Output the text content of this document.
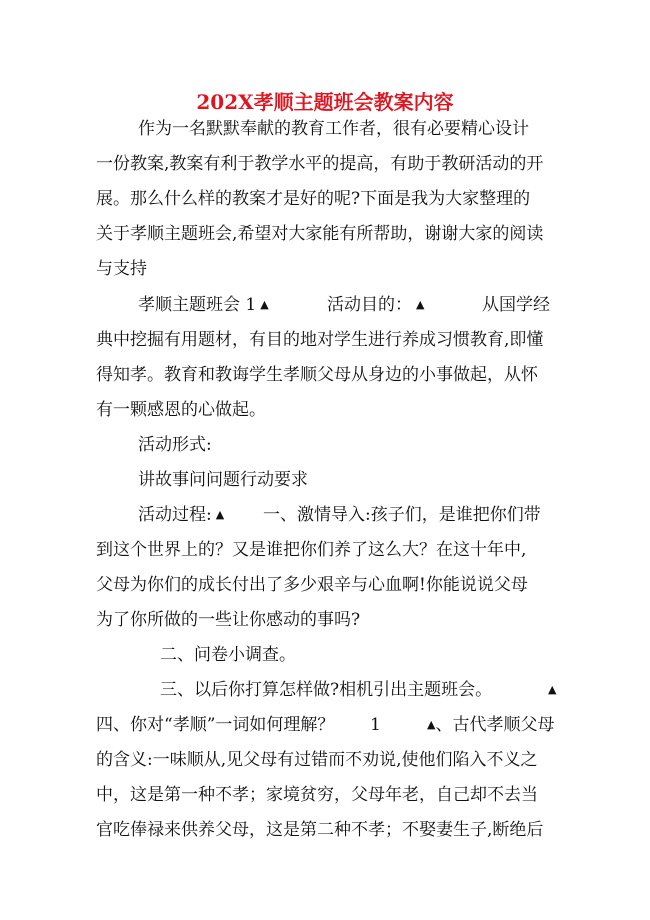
202X孝顺主题班会教案内容
作为一名默默奉献的教育工作者，很有必要精心设计
一份教案,教案有利于教学水平的提高，有助于教研活动的开
展。那么什么样的教案才是好的呢?下面是我为大家整理的
关于孝顺主题班会,希望对大家能有所帮助，谢谢大家的阅读
与支持
孝顺主题班会 1 ▲	活动目的： ▲	从国学经
典中挖掘有用题材，有目的地对学生进行养成习惯教育,即懂
得知孝。教育和教诲学生孝顺父母从身边的小事做起，从怀
有一颗感恩的心做起。
活动形式:
讲故事问问题行动要求
活动过程: ▲ 一、激情导入:孩子们，是谁把你们带
到这个世界上的？又是谁把你们养了这么大？在这十年中,
父母为你们的成长付出了多少艰辛与心血啊!你能说说父母
为了你所做的一些让你感动的事吗?
二、问卷小调查。
三、以后你打算怎样做?相机引出主题班会。	▲
四、你对“孝顺”一词如何理解？ 1	▲、古代孝顺父母
的含义:一味顺从,见父母有过错而不劝说,使他们陷入不义之
中，这是第一种不孝；家境贫穷，父母年老，自己却不去当
官吃俸禄来供养父母，这是第二种不孝；不娶妻生子,断绝后
